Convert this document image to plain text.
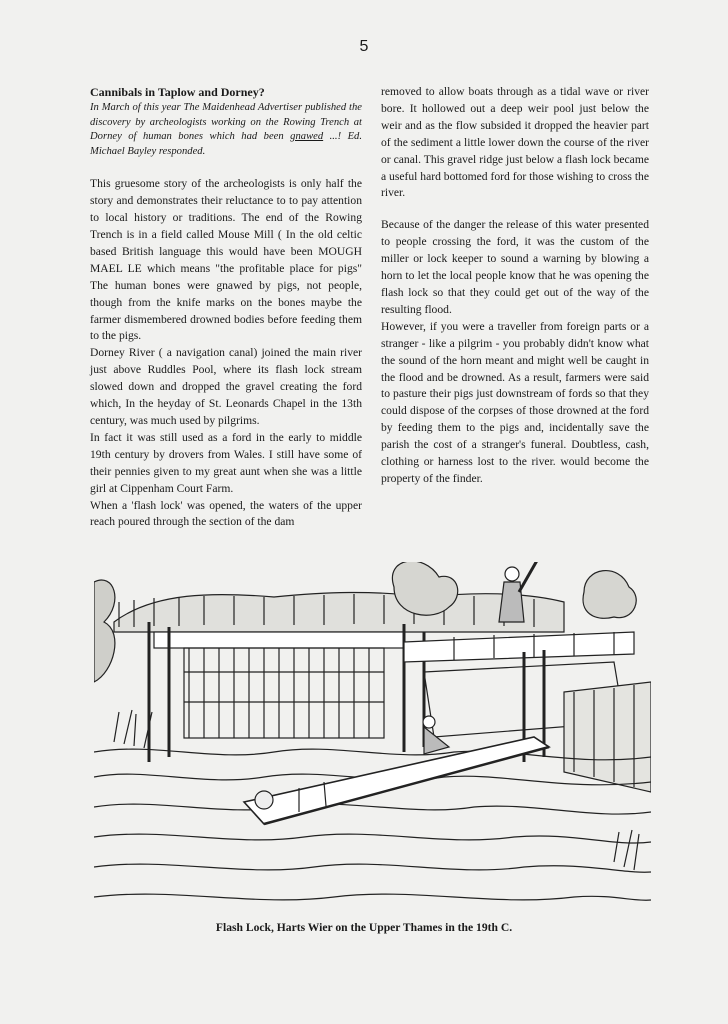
5

Cannibals in Taplow and Dorney?

In March of this year The Maidenhead Advertiser published the discovery by archeologists working on the Rowing Trench at Dorney of human bones which had been gnawed ...! Ed. Michael Bayley responded.

This gruesome story of the archeologists is only half the story and demonstrates their reluctance to to pay attention to local history or traditions. The end of the Rowing Trench is in a field called Mouse Mill ( In the old celtic based British language this would have been MOUGH MAEL LE which means "the profitable place for pigs" The human bones were gnawed by pigs, not people, though from the knife marks on the bones maybe the farmer dismembered drowned bodies before feeding them to the pigs.

Dorney River ( a navigation canal) joined the main river just above Ruddles Pool, where its flash lock stream slowed down and dropped the gravel creating the ford which, In the heyday of St. Leonards Chapel in the 13th century, was much used by pilgrims.

In fact it was still used as a ford in the early to middle 19th century by drovers from Wales. I still have some of their pennies given to my great aunt when she was a little girl at Cippenham Court Farm.

When a 'flash lock' was opened, the waters of the upper reach poured through the section of the dam

removed to allow boats through as a tidal wave or river bore. It hollowed out a deep weir pool just below the weir and as the flow subsided it dropped the heavier part of the sediment a little lower down the course of the river or canal. This gravel ridge just below a flash lock became a useful hard bottomed ford for those wishing to cross the river.

Because of the danger the release of this water presented to people crossing the ford, it was the custom of the miller or lock keeper to sound a warning by blowing a horn to let the local people know that he was opening the flash lock so that they could get out of the way of the resulting flood.

However, if you were a traveller from foreign parts or a stranger - like a pilgrim - you probably didn't know what the sound of the horn meant and might well be caught in the flood and be drowned. As a result, farmers were said to pasture their pigs just downstream of fords so that they could dispose of the corpses of those drowned at the ford by feeding them to the pigs and, incidentally save the parish the cost of a stranger's funeral. Doubtless, cash, clothing or harness lost to the river. would become the property of the finder.

Flash Lock, Harts Wier on the Upper Thames in the 19th C.
